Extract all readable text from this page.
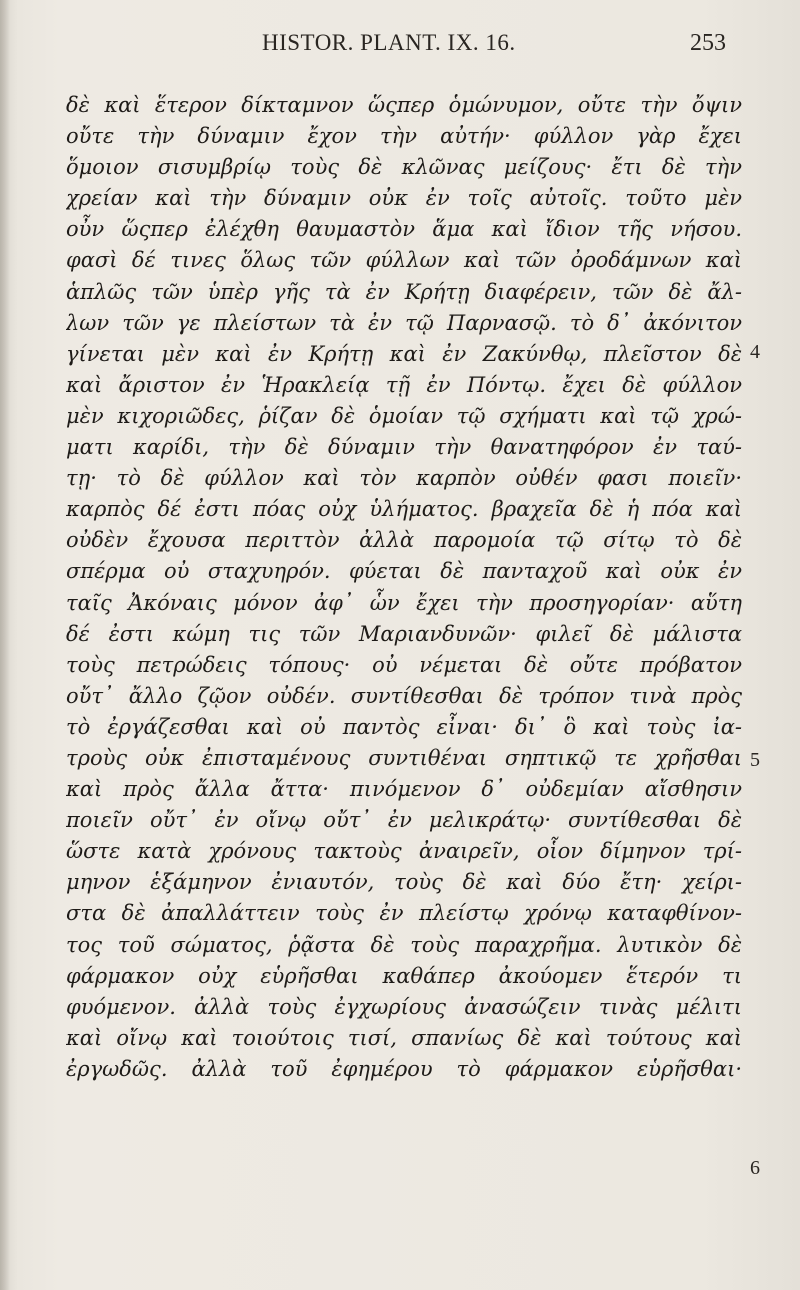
HISTOR. PLANT. IX. 16.	253
δὲ καὶ ἕτερον δίκταμνον ὥςπερ ὁμώνυμον, οὔτε τὴν ὄψιν
οὔτε τὴν δύναμιν ἔχον τὴν αὐτήν· φύλλον γὰρ ἔχει
ὅμοιον σισυμβρίῳ τοὺς δὲ κλῶνας μείζους· ἔτι δὲ τὴν
χρείαν καὶ τὴν δύναμιν οὐκ ἐν τοῖς αὐτοῖς. τοῦτο μὲν
οὖν ὥςπερ ἐλέχθη θαυμαστὸν ἅμα καὶ ἴδιον τῆς νήσου.
φασὶ δέ τινες ὅλως τῶν φύλλων καὶ τῶν ὀροδάμνων καὶ
ἁπλῶς τῶν ὑπὲρ γῆς τὰ ἐν Κρήτῃ διαφέρειν, τῶν δὲ ἄλ-
λων τῶν γε πλείστων τὰ ἐν τῷ Παρνασῷ. τὸ δ᾽ ἀκόνιτον
γίνεται μὲν καὶ ἐν Κρήτῃ καὶ ἐν Ζακύνθῳ, πλεῖστον δὲ
καὶ ἄριστον ἐν Ἡρακλείᾳ τῇ ἐν Πόντῳ. ἔχει δὲ φύλλον
μὲν κιχοριῶδες, ῥίζαν δὲ ὁμοίαν τῷ σχήματι καὶ τῷ χρώ-
ματι καρίδι, τὴν δὲ δύναμιν τὴν θανατηφόρον ἐν ταύ-
τῃ· τὸ δὲ φύλλον καὶ τὸν καρπὸν οὐθέν φασι ποιεῖν·
καρπὸς δέ ἐστι πόας οὐχ ὑλήματος. βραχεῖα δὲ ἡ πόα καὶ
οὐδὲν ἔχουσα περιττὸν ἀλλὰ παρομοία τῷ σίτῳ τὸ δὲ
σπέρμα οὐ σταχυηρόν. φύεται δὲ πανταχοῦ καὶ οὐκ ἐν
ταῖς Ἀκόναις μόνον ἀφ᾽ ὧν ἔχει τὴν προσηγορίαν· αὕτη
δέ ἐστι κώμη τις τῶν Μαριανδυνῶν· φιλεῖ δὲ μάλιστα
τοὺς πετρώδεις τόπους· οὐ νέμεται δὲ οὔτε πρόβατον
οὔτ᾽ ἄλλο ζῷον οὐδέν. συντίθεσθαι δὲ τρόπον τινὰ πρὸς
τὸ ἐργάζεσθαι καὶ οὐ παντὸς εἶναι· δι᾽ ὃ καὶ τοὺς ἰα-
τροὺς οὐκ ἐπισταμένους συντιθέναι σηπτικῷ τε χρῆσθαι
καὶ πρὸς ἄλλα ἄττα· πινόμενον δ᾽ οὐδεμίαν αἴσθησιν
ποιεῖν οὔτ᾽ ἐν οἴνῳ οὔτ᾽ ἐν μελικράτῳ· συντίθεσθαι δὲ
ὥστε κατὰ χρόνους τακτοὺς ἀναιρεῖν, οἷον δίμηνον τρί-
μηνον ἑξάμηνον ἐνιαυτόν, τοὺς δὲ καὶ δύο ἔτη· χείρι-
στα δὲ ἀπαλλάττειν τοὺς ἐν πλείστῳ χρόνῳ καταφθίνον-
τος τοῦ σώματος, ῥᾷστα δὲ τοὺς παραχρῆμα. λυτικὸν δὲ
φάρμακον οὐχ εὑρῆσθαι καθάπερ ἀκούομεν ἕτερόν τι
φυόμενον. ἀλλὰ τοὺς ἐγχωρίους ἀνασώζειν τινὰς μέλιτι
καὶ οἴνῳ καὶ τοιούτοις τισί, σπανίως δὲ καὶ τούτους καὶ
ἐργωδῶς. ἀλλὰ τοῦ ἐφημέρου τὸ φάρμακον εὑρῆσθαι·
4
5
6
